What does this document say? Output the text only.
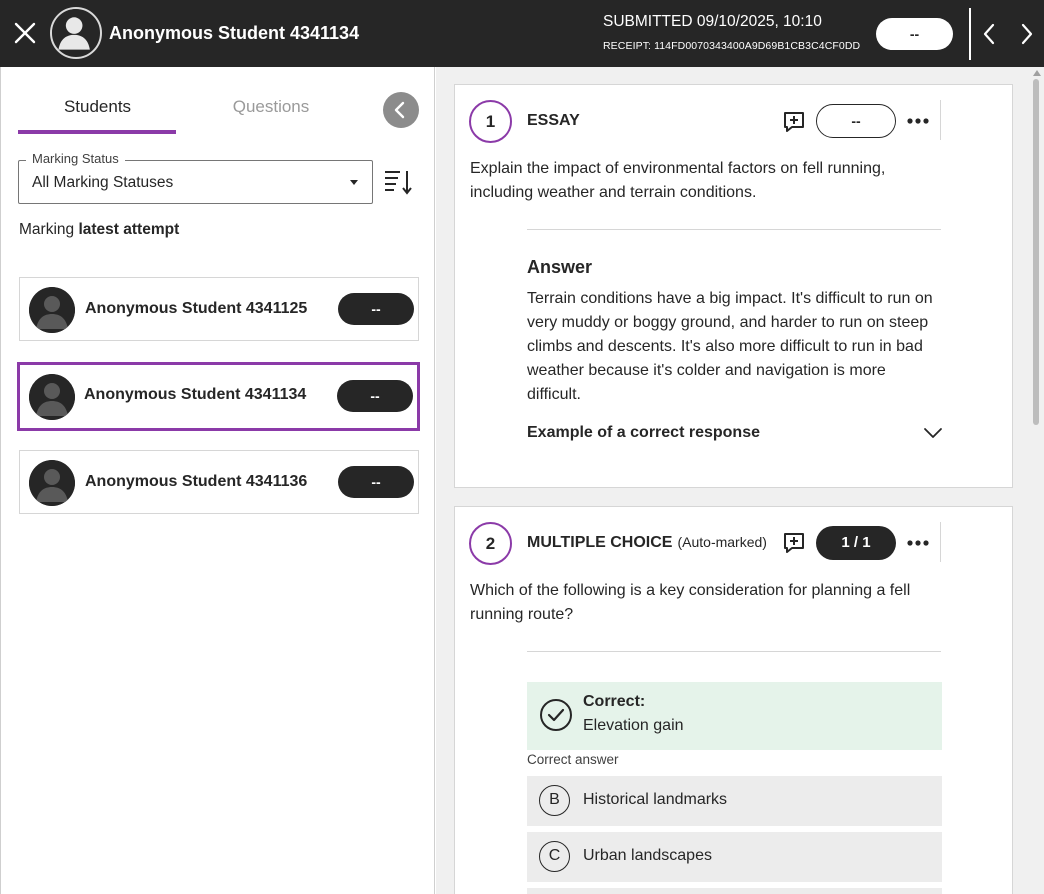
Anonymous Student 4341134
SUBMITTED 09/10/2025, 10:10
RECEIPT: 114FD0070343400A9D69B1CB3C4CF0DD
--
Students	Questions
All Marking Statuses
Marking Status
Marking latest attempt
Anonymous Student 4341125	--
Anonymous Student 4341134	--
Anonymous Student 4341136	--
1	ESSAY	--
Explain the impact of environmental factors on fell running, including weather and terrain conditions.
Answer
Terrain conditions have a big impact. It's difficult to run on very muddy or boggy ground, and harder to run on steep climbs and descents. It's also more difficult to run in bad weather because it's colder and navigation is more difficult.
Example of a correct response
2	MULTIPLE CHOICE (Auto-marked)	1 / 1
Which of the following is a key consideration for planning a fell running route?
Correct:
Elevation gain
Correct answer
B	Historical landmarks
C	Urban landscapes
